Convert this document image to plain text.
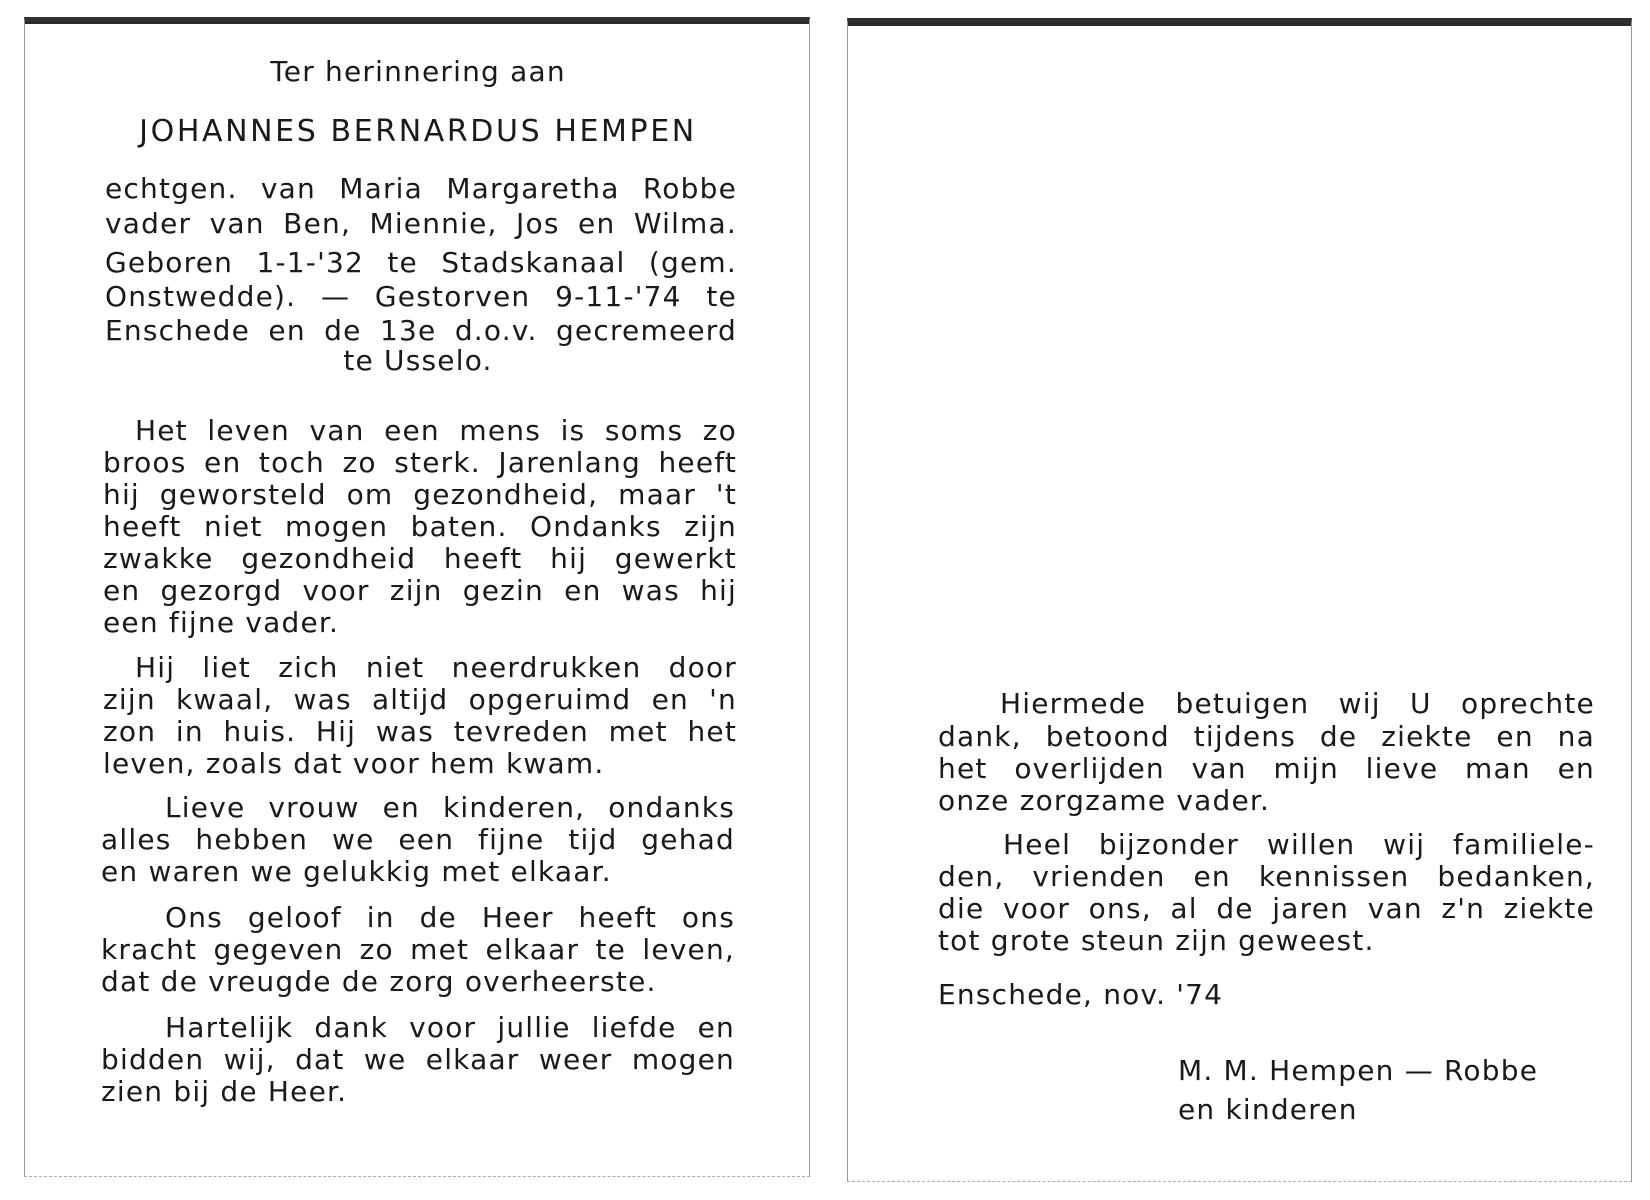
Ter herinnering aan
JOHANNES BERNARDUS HEMPEN
echtgen. van Maria Margaretha Robbe
vader van Ben, Miennie, Jos en Wilma.
Geboren 1-1-'32 te Stadskanaal (gem.
Onstwedde). — Gestorven 9-11-'74 te
Enschede en de 13e d.o.v. gecremeerd
te Usselo.
Het leven van een mens is soms zo
broos en toch zo sterk. Jarenlang heeft
hij geworsteld om gezondheid, maar 't
heeft niet mogen baten. Ondanks zijn
zwakke gezondheid heeft hij gewerkt
en gezorgd voor zijn gezin en was hij
een fijne vader.
Hij liet zich niet neerdrukken door
zijn kwaal, was altijd opgeruimd en 'n
zon in huis. Hij was tevreden met het
leven, zoals dat voor hem kwam.
Lieve vrouw en kinderen, ondanks
alles hebben we een fijne tijd gehad
en waren we gelukkig met elkaar.
Ons geloof in de Heer heeft ons
kracht gegeven zo met elkaar te leven,
dat de vreugde de zorg overheerste.
Hartelijk dank voor jullie liefde en
bidden wij, dat we elkaar weer mogen
zien bij de Heer.
Hiermede betuigen wij U oprechte
dank, betoond tijdens de ziekte en na
het overlijden van mijn lieve man en
onze zorgzame vader.
Heel bijzonder willen wij familiele-
den, vrienden en kennissen bedanken,
die voor ons, al de jaren van z'n ziekte
tot grote steun zijn geweest.
Enschede, nov. '74
M. M. Hempen — Robbe
en kinderen
